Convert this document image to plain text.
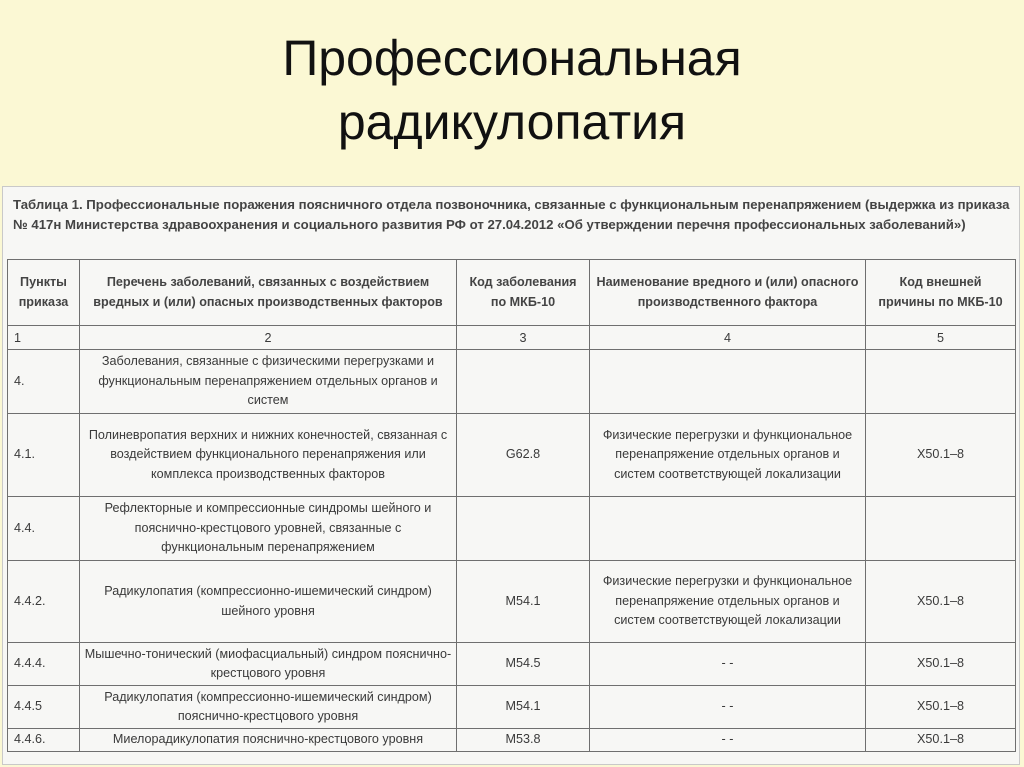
Профессиональная
радикулопатия
Таблица 1. Профессиональные поражения поясничного отдела позвоночника, связанные с функциональным перенапряжением (выдержка из приказа № 417н Министерства здравоохранения и социального развития РФ от 27.04.2012 «Об утверждении перечня профессиональных заболеваний»)
Пункты приказа	Перечень заболеваний, связанных с воздействием вредных и (или) опасных производственных факторов	Код заболевания по МКБ-10	Наименование вредного и (или) опасного производственного фактора	Код внешней причины по МКБ-10
1	2	3	4	5
4.	Заболевания, связанные с физическими перегрузками и функциональным перенапряжением отдельных органов и систем			
4.1.	Полиневропатия верхних и нижних конечностей, связанная с воздействием функционального перенапряжения или комплекса производственных факторов	G62.8	Физические перегрузки и функциональное перенапряжение отдельных органов и систем соответствующей локализации	X50.1–8
4.4.	Рефлекторные и компрессионные синдромы шейного и пояснично-крестцового уровней, связанные с функциональным перенапряжением			
4.4.2.	Радикулопатия (компрессионно-ишемический синдром) шейного уровня	M54.1	Физические перегрузки и функциональное перенапряжение отдельных органов и систем соответствующей локализации	X50.1–8
4.4.4.	Мышечно-тонический (миофасциальный) синдром пояснично-крестцового уровня	M54.5	- -	X50.1–8
4.4.5	Радикулопатия (компрессионно-ишемический синдром) пояснично-крестцового уровня	M54.1	- -	X50.1–8
4.4.6.	Миелорадикулопатия пояснично-крестцового уровня	M53.8	- -	X50.1–8
